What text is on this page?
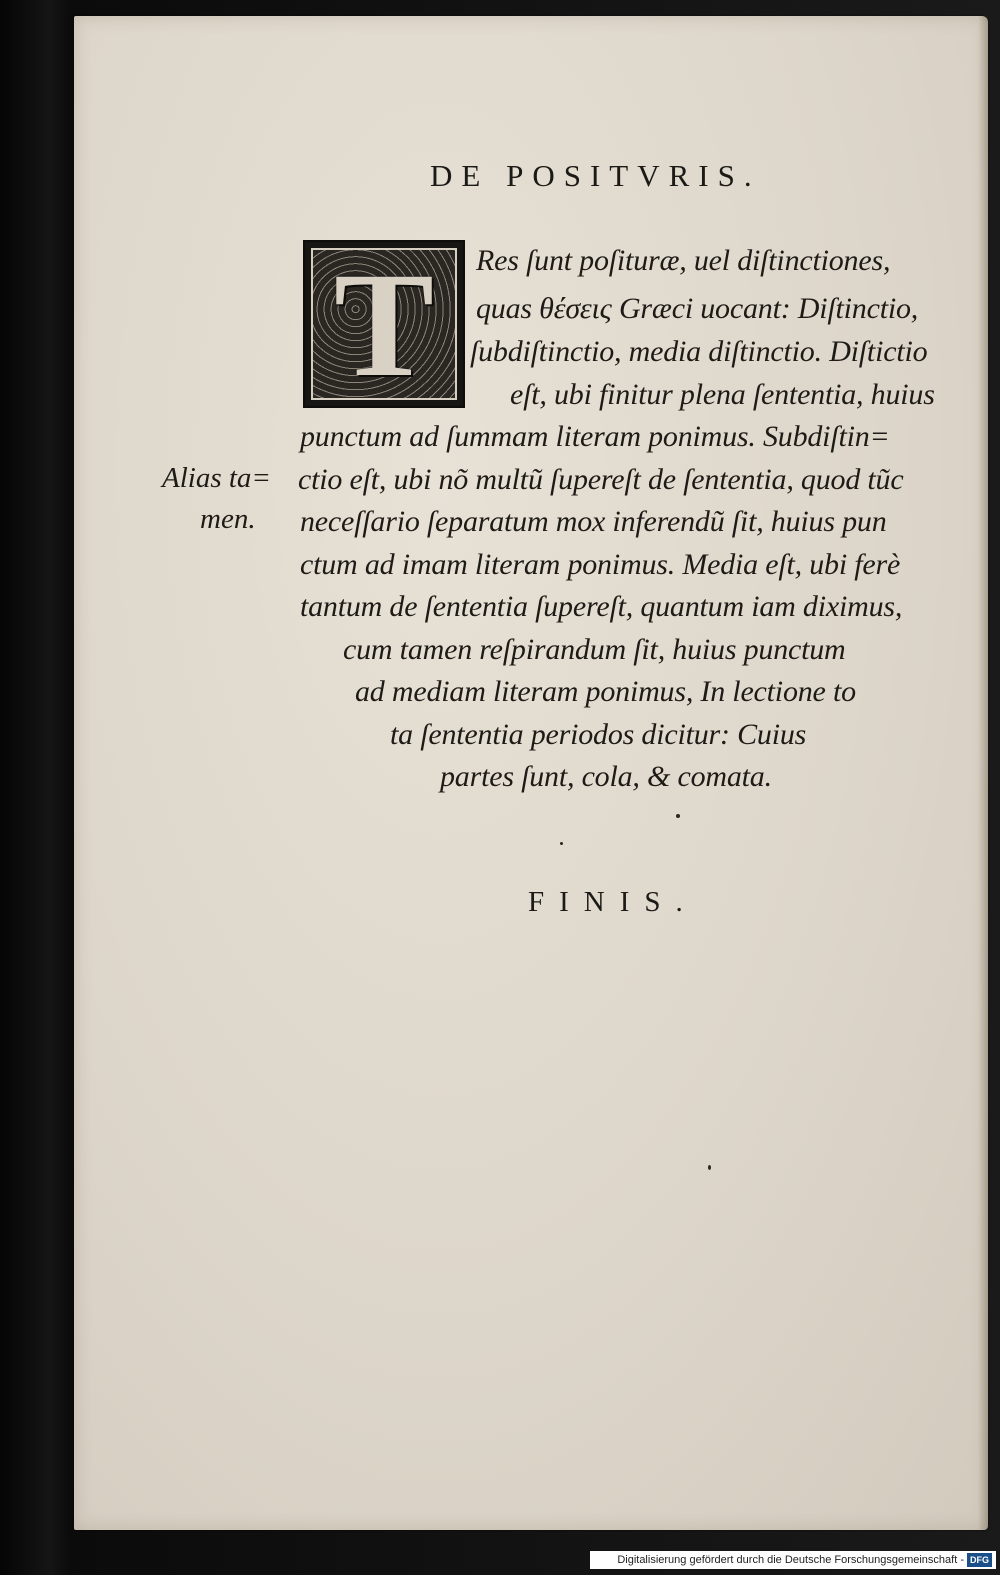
DE POSITVRIS.
T	Res ſunt poſituræ, uel diſtinctiones,
quas θέσεις Græci uocant: Diſtinctio,
ſubdiſtinctio, media diſtinctio. Diſtictio
eſt, ubi finitur plena ſententia, huius
punctum ad ſummam literam ponimus. Subdiſtin=
ctio eſt, ubi nõ multũ ſupereſt de ſententia, quod tũc
neceſſario ſeparatum mox inferendũ ſit, huius pun
ctum ad imam literam ponimus. Media eſt, ubi ferè
tantum de ſententia ſupereſt, quantum iam diximus,
cum tamen reſpirandum ſit, huius punctum
ad mediam literam ponimus, In lectione to
ta ſententia periodos dicitur: Cuius
partes ſunt, cola, & comata.
Alias ta=
men.
FINIS.
Digitalisierung gefördert durch die Deutsche Forschungsgemeinschaft - DFG
